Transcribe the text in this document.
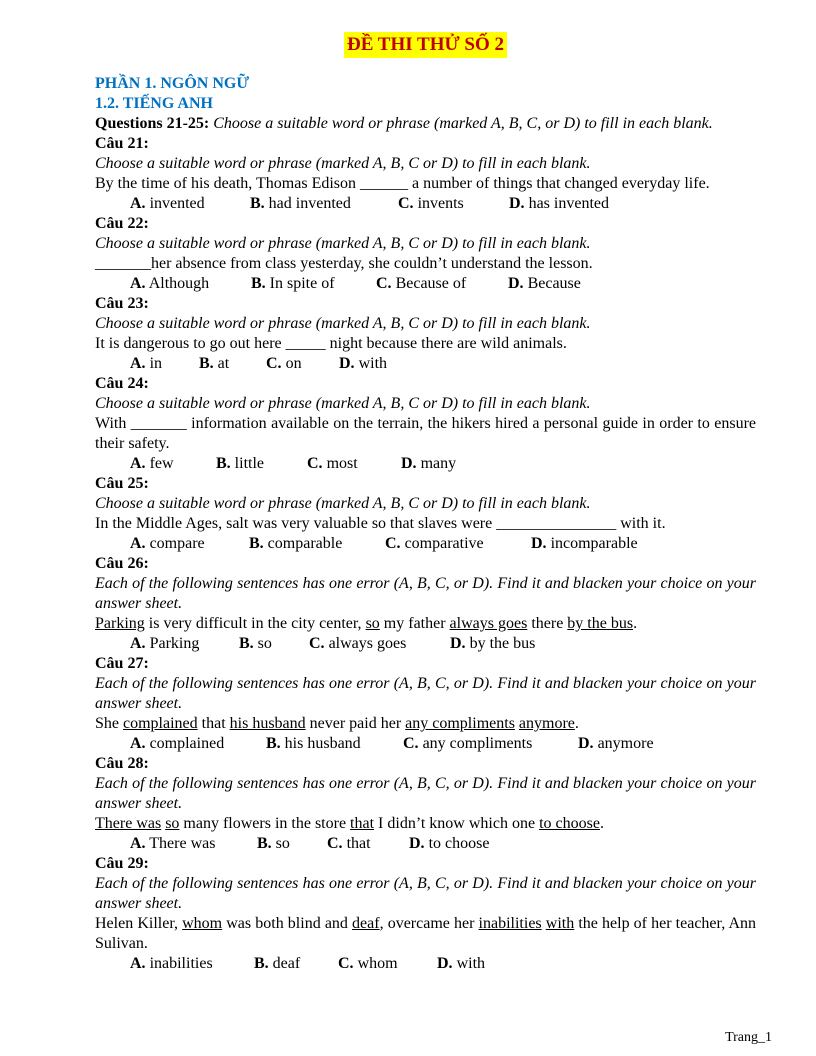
ĐỀ THI THỬ SỐ 2
PHẦN 1. NGÔN NGỮ
1.2. TIẾNG ANH
Questions 21-25: Choose a suitable word or phrase (marked A, B, C, or D) to fill in each blank.
Câu 21:
Choose a suitable word or phrase (marked A, B, C or D) to fill in each blank.
By the time of his death, Thomas Edison ______ a number of things that changed everyday life.
A. invented	B. had invented	C. invents	D. has invented
Câu 22:
Choose a suitable word or phrase (marked A, B, C or D) to fill in each blank.
_______her absence from class yesterday, she couldn’t understand the lesson.
A. Although	B. In spite of	C. Because of	D. Because
Câu 23:
Choose a suitable word or phrase (marked A, B, C or D) to fill in each blank.
It is dangerous to go out here _____ night because there are wild animals.
A. in	B. at	C. on	D. with
Câu 24:
Choose a suitable word or phrase (marked A, B, C or D) to fill in each blank.
With _______ information available on the terrain, the hikers hired a personal guide in order to ensure their safety.
A. few	B. little	C. most	D. many
Câu 25:
Choose a suitable word or phrase (marked A, B, C or D) to fill in each blank.
In the Middle Ages, salt was very valuable so that slaves were _______________ with it.
A. compare	B. comparable	C. comparative	D. incomparable
Câu 26:
Each of the following sentences has one error (A, B, C, or D). Find it and blacken your choice on your answer sheet.
Parking is very difficult in the city center, so my father always goes there by the bus.
A. Parking	B. so	C. always goes	D. by the bus
Câu 27:
Each of the following sentences has one error (A, B, C, or D). Find it and blacken your choice on your answer sheet.
She complained that his husband never paid her any compliments anymore.
A. complained	B. his husband	C. any compliments	D. anymore
Câu 28:
Each of the following sentences has one error (A, B, C, or D). Find it and blacken your choice on your answer sheet.
There was so many flowers in the store that I didn’t know which one to choose.
A. There was	B. so	C. that	D. to choose
Câu 29:
Each of the following sentences has one error (A, B, C, or D). Find it and blacken your choice on your answer sheet.
Helen Killer, whom was both blind and deaf, overcame her inabilities with the help of her teacher, Ann Sulivan.
A. inabilities	B. deaf	C. whom	D. with
Trang_1
